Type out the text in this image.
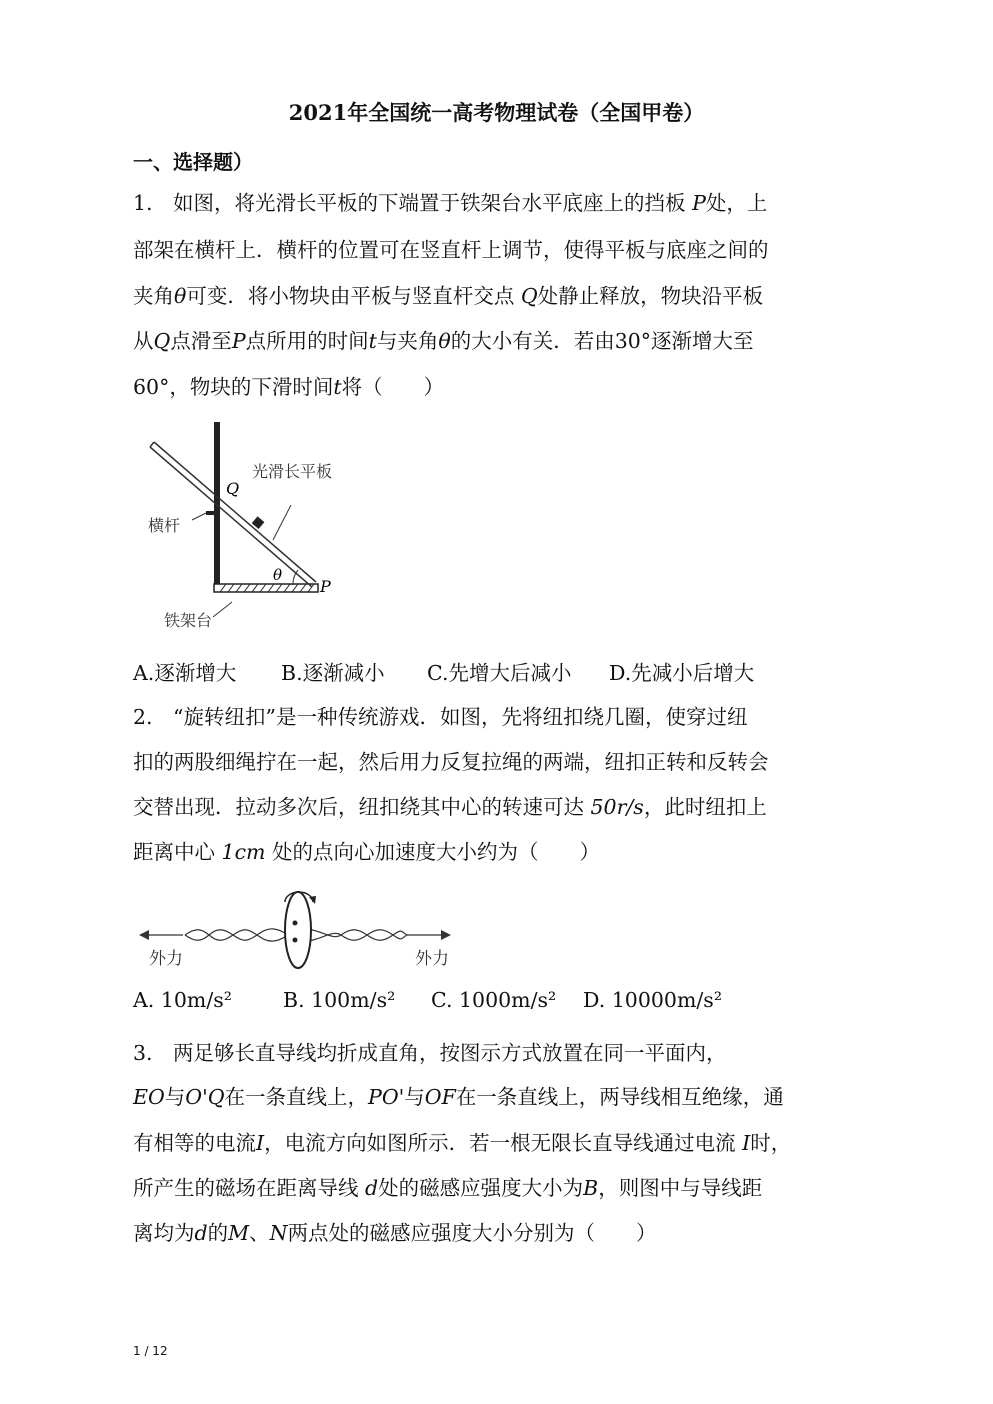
2021年全国统一高考物理试卷（全国甲卷）
一、选择题）
1.　如图，将光滑长平板的下端置于铁架台水平底座上的挡板 P处，上
部架在横杆上．横杆的位置可在竖直杆上调节，使得平板与底座之间的
夹角θ可变．将小物块由平板与竖直杆交点 Q处静止释放，物块沿平板
从Q点滑至P点所用的时间t与夹角θ的大小有关．若由30°逐渐增大至
60°，物块的下滑时间t将（　　）
Q
光滑长平板
横杆
θ
P
铁架台
A.逐渐增大 B.逐渐减小 C.先增大后减小 D.先减小后增大
2.　“旋转纽扣”是一种传统游戏．如图，先将纽扣绕几圈，使穿过纽
扣的两股细绳拧在一起，然后用力反复拉绳的两端，纽扣正转和反转会
交替出现．拉动多次后，纽扣绕其中心的转速可达 50r/s，此时纽扣上
距离中心 1cm 处的点向心加速度大小约为（　　）
外力	外力
A. 10m/s² B. 100m/s² C. 1000m/s² D. 10000m/s²
3.　两足够长直导线均折成直角，按图示方式放置在同一平面内，
EO与O'Q在一条直线上，PO'与OF在一条直线上，两导线相互绝缘，通
有相等的电流I，电流方向如图所示．若一根无限长直导线通过电流 I时，
所产生的磁场在距离导线 d处的磁感应强度大小为B，则图中与导线距
离均为d的M、N两点处的磁感应强度大小分别为（　　）
1 / 12
